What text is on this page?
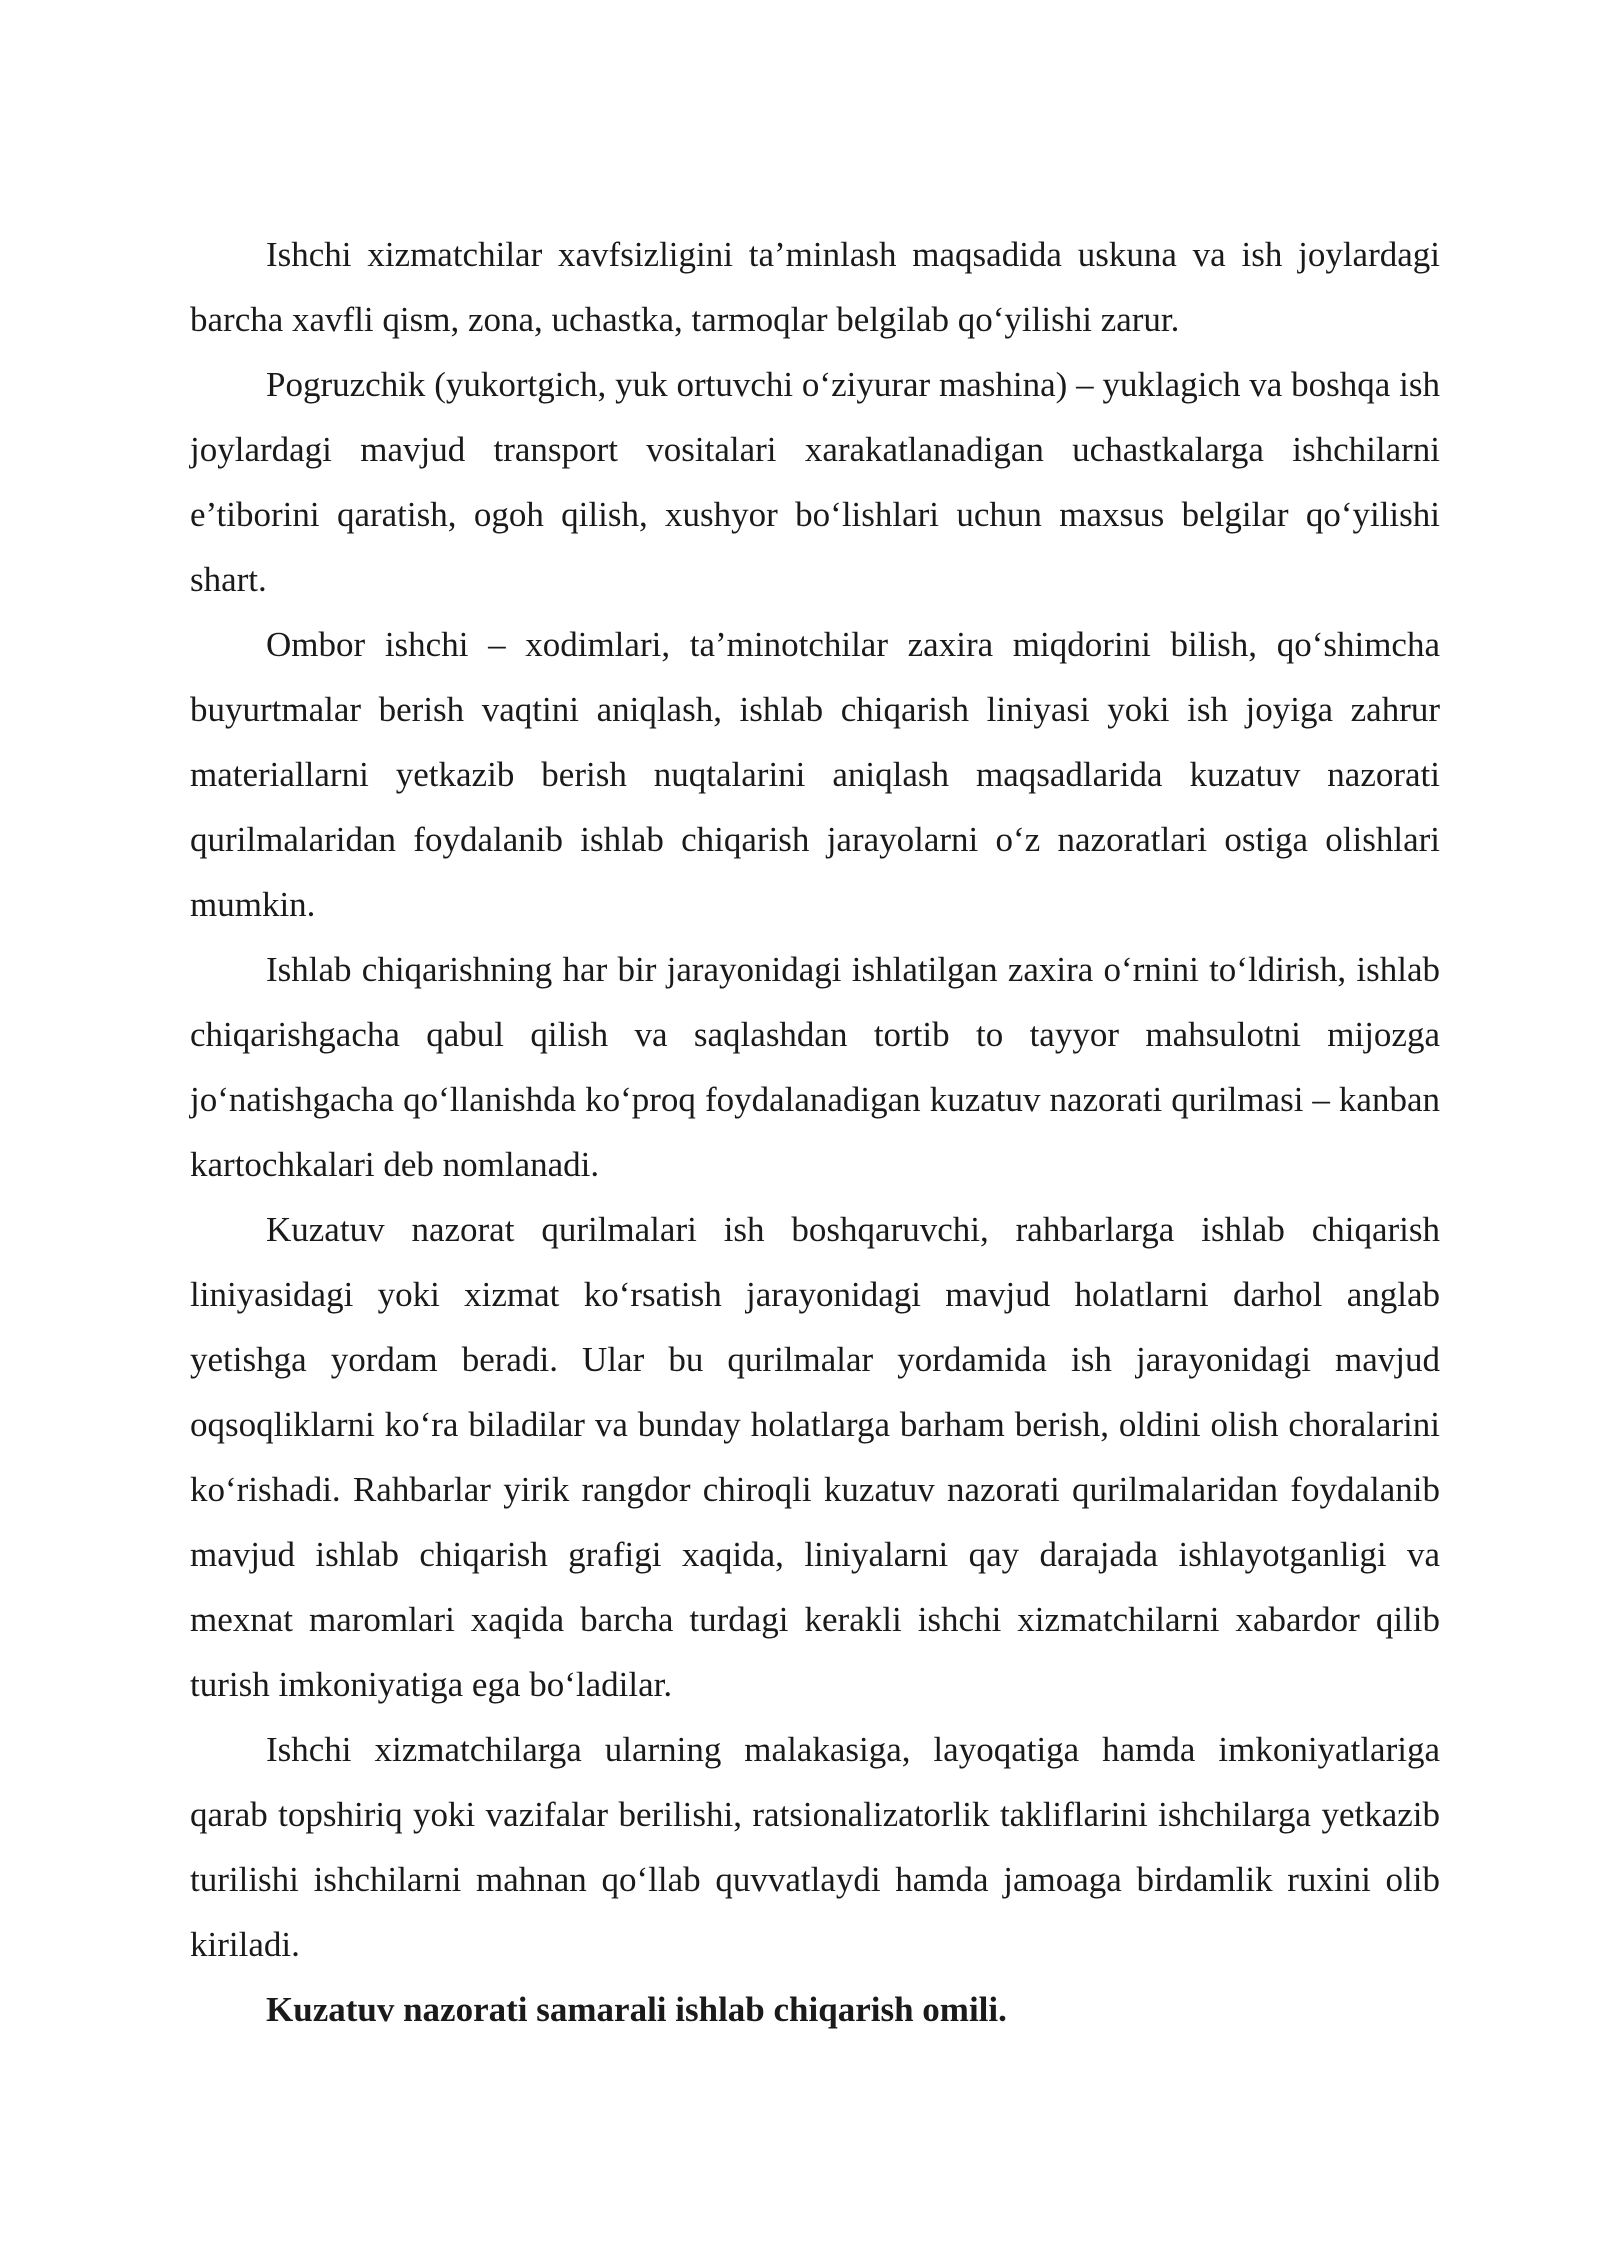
Ishchi xizmatchilar xavfsizligini ta’minlash maqsadida uskuna va ish joylardagi barcha xavfli qism, zona, uchastka, tarmoqlar belgilab qo‘yilishi zarur.

Pogruzchik (yukortgich, yuk ortuvchi o‘ziyurar mashina) – yuklagich va boshqa ish joylardagi mavjud transport vositalari xarakatlanadigan uchastkalarga ishchilarni e’tiborini qaratish, ogoh qilish, xushyor bo‘lishlari uchun maxsus belgilar qo‘yilishi shart.

Ombor ishchi – xodimlari, ta’minotchilar zaxira miqdorini bilish, qo‘shimcha buyurtmalar berish vaqtini aniqlash, ishlab chiqarish liniyasi yoki ish joyiga zahrur materiallarni yetkazib berish nuqtalarini aniqlash maqsadlarida kuzatuv nazorati qurilmalaridan foydalanib ishlab chiqarish jarayolarni o‘z nazoratlari ostiga olishlari mumkin.

Ishlab chiqarishning har bir jarayonidagi ishlatilgan zaxira o‘rnini to‘ldirish, ishlab chiqarishgacha qabul qilish va saqlashdan tortib to tayyor mahsulotni mijozga jo‘natishgacha qo‘llanishda ko‘proq foydalanadigan kuzatuv nazorati qurilmasi – kanban kartochkalari deb nomlanadi.

Kuzatuv nazorat qurilmalari ish boshqaruvchi, rahbarlarga ishlab chiqarish liniyasidagi yoki xizmat ko‘rsatish jarayonidagi mavjud holatlarni darhol anglab yetishga yordam beradi. Ular bu qurilmalar yordamida ish jarayonidagi mavjud oqsoqliklarni ko‘ra biladilar va bunday holatlarga barham berish, oldini olish choralarini ko‘rishadi. Rahbarlar yirik rangdor chiroqli kuzatuv nazorati qurilmalaridan foydalanib mavjud ishlab chiqarish grafigi xaqida, liniyalarni qay darajada ishlayotganligi va mexnat maromlari xaqida barcha turdagi kerakli ishchi xizmatchilarni xabardor qilib turish imkoniyatiga ega bo‘ladilar.

Ishchi xizmatchilarga ularning malakasiga, layoqatiga hamda imkoniyatlariga qarab topshiriq yoki vazifalar berilishi, ratsionalizatorlik takliflarini ishchilarga yetkazib turilishi ishchilarni mahnan qo‘llab quvvatlaydi hamda jamoaga birdamlik ruxini olib kiriladi.

Kuzatuv nazorati samarali ishlab chiqarish omili.
